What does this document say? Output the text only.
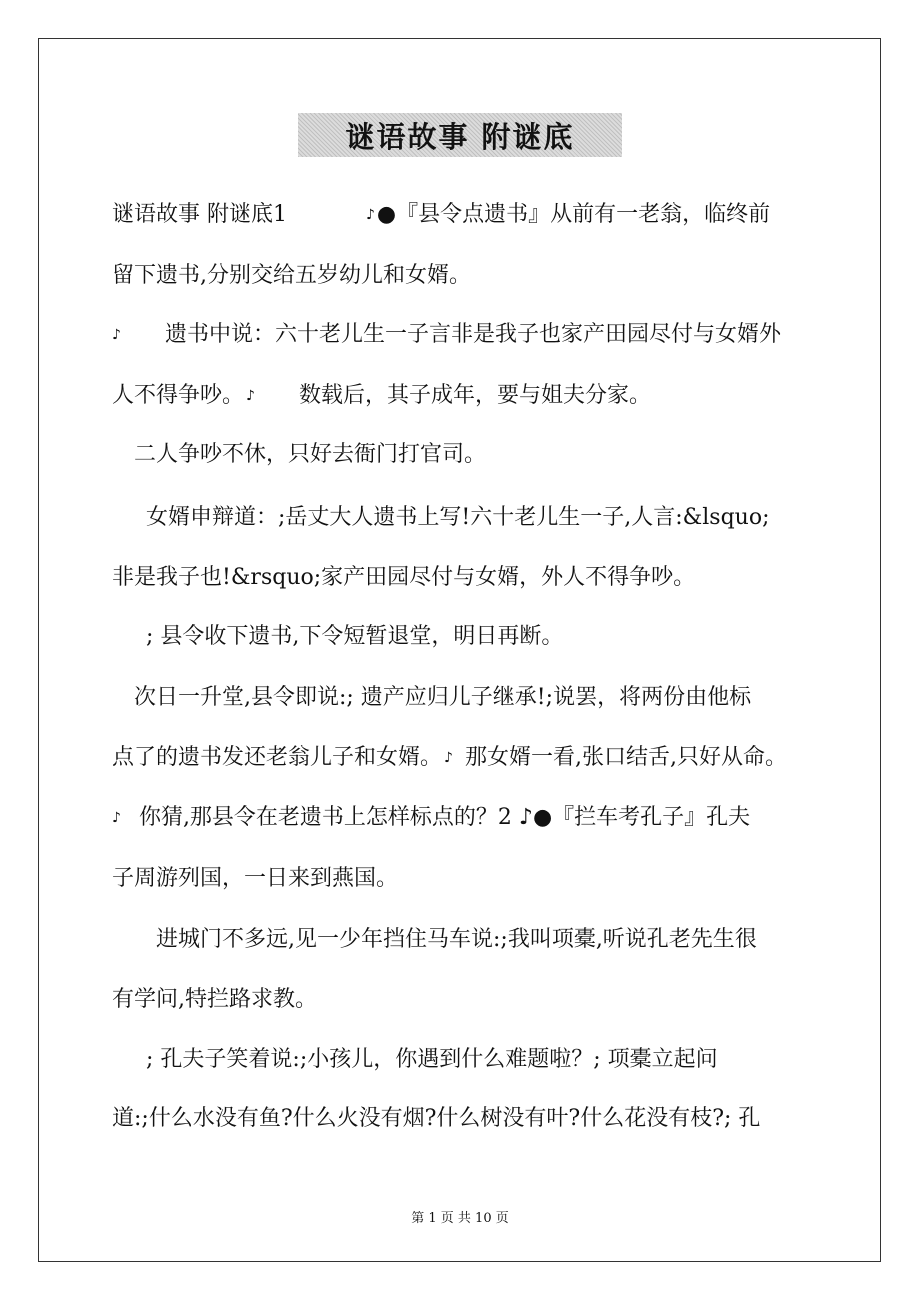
谜语故事 附谜底
谜语故事 附谜底1	♪●『县令点遗书』从前有一老翁，临终前
留下遗书,分别交给五岁幼儿和女婿。
♪ 遗书中说：六十老儿生一子言非是我子也家产田园尽付与女婿外
人不得争吵。 ♪ 数载后，其子成年，要与姐夫分家。
二人争吵不休，只好去衙门打官司。
女婿申辩道：;岳丈大人遗书上写!六十老儿生一子,人言:&lsquo;
非是我子也!&rsquo;家产田园尽付与女婿，外人不得争吵。
; 县令收下遗书,下令短暂退堂，明日再断。
次日一升堂,县令即说:; 遗产应归儿子继承!;说罢，将两份由他标
点了的遗书发还老翁儿子和女婿。 ♪ 那女婿一看,张口结舌,只好从命。
♪ 你猜,那县令在老遗书上怎样标点的？2 ♪●『拦车考孔子』孔夫
子周游列国，一日来到燕国。
进城门不多远,见一少年挡住马车说:;我叫项橐,听说孔老先生很
有学问,特拦路求教。
; 孔夫子笑着说:;小孩儿，你遇到什么难题啦？; 项橐立起问
道:;什么水没有鱼?什么火没有烟?什么树没有叶?什么花没有枝?; 孔
第 1 页 共 10 页
